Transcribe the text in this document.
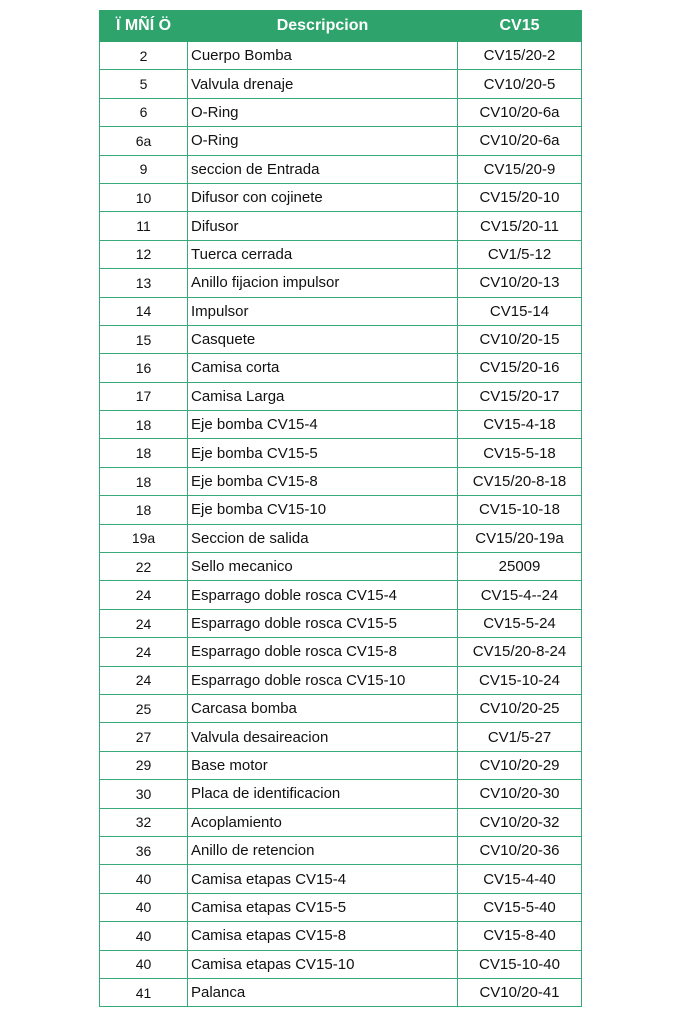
Ï MÑÍ Ö	Descripcion	CV15
2	Cuerpo Bomba	CV15/20-2
5	Valvula drenaje	CV10/20-5
6	O-Ring	CV10/20-6a
6a	O-Ring	CV10/20-6a
9	seccion de Entrada	CV15/20-9
10	Difusor con cojinete	CV15/20-10
11	Difusor	CV15/20-11
12	Tuerca cerrada	CV1/5-12
13	Anillo fijacion impulsor	CV10/20-13
14	Impulsor	CV15-14
15	Casquete	CV10/20-15
16	Camisa corta	CV15/20-16
17	Camisa Larga	CV15/20-17
18	Eje bomba CV15-4	CV15-4-18
18	Eje bomba CV15-5	CV15-5-18
18	Eje bomba CV15-8	CV15/20-8-18
18	Eje bomba CV15-10	CV15-10-18
19a	Seccion de salida	CV15/20-19a
22	Sello mecanico	25009
24	Esparrago doble rosca CV15-4	CV15-4--24
24	Esparrago doble rosca CV15-5	CV15-5-24
24	Esparrago doble rosca CV15-8	CV15/20-8-24
24	Esparrago doble rosca CV15-10	CV15-10-24
25	Carcasa bomba	CV10/20-25
27	Valvula desaireacion	CV1/5-27
29	Base motor	CV10/20-29
30	Placa de identificacion	CV10/20-30
32	Acoplamiento	CV10/20-32
36	Anillo de retencion	CV10/20-36
40	Camisa etapas CV15-4	CV15-4-40
40	Camisa etapas CV15-5	CV15-5-40
40	Camisa etapas CV15-8	CV15-8-40
40	Camisa etapas CV15-10	CV15-10-40
41	Palanca	CV10/20-41
